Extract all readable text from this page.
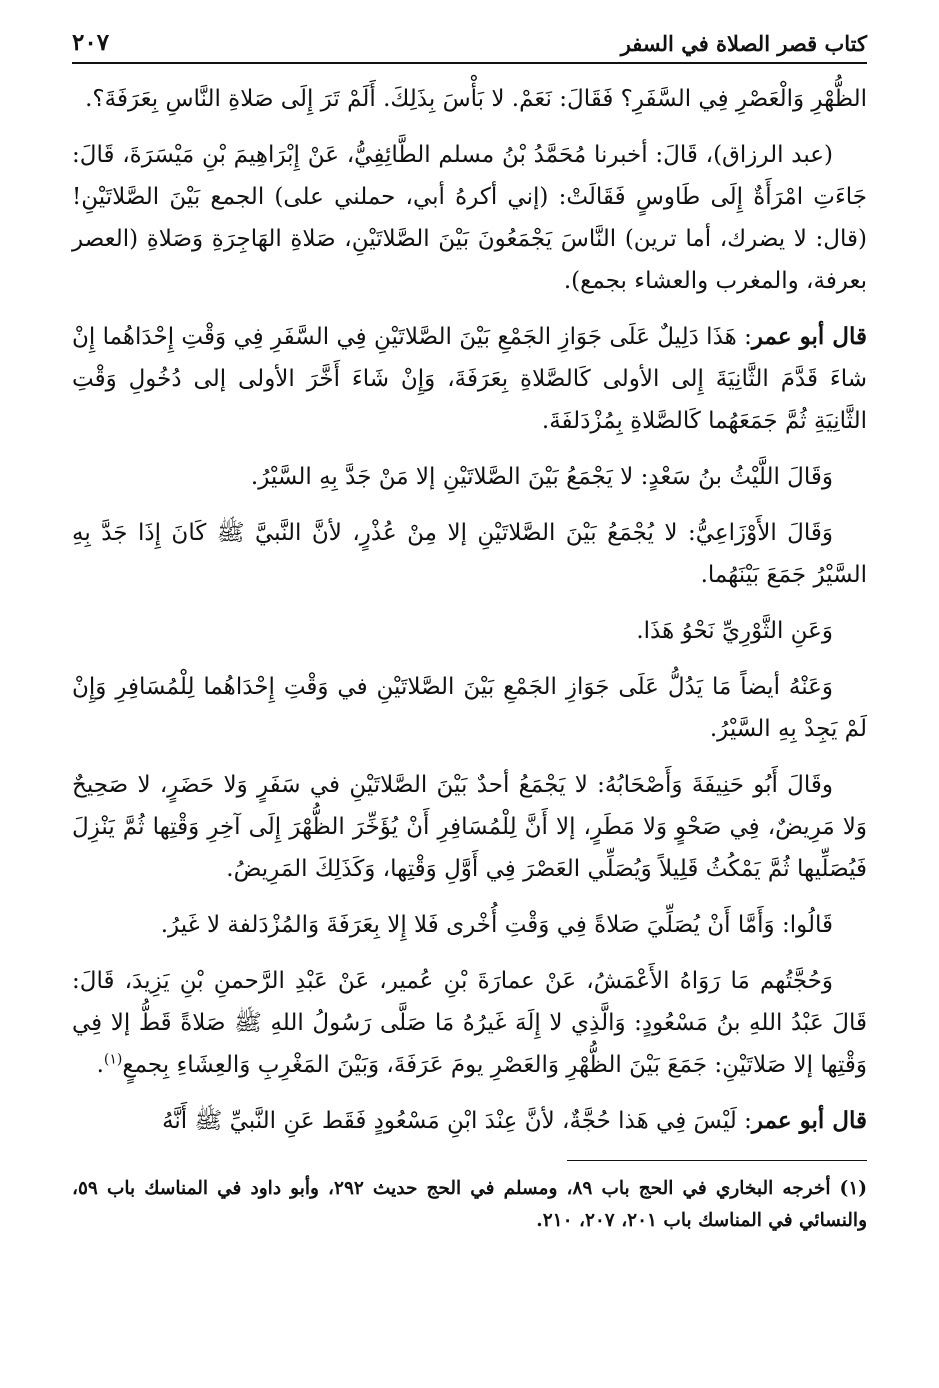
كتاب قصر الصلاة في السفر
٢٠٧

الظُّهْرِ وَالْعَصْرِ فِي السَّفَرِ؟ فَقَالَ: نَعَمْ. لا بَأْسَ بِذَلِكَ. أَلَمْ تَرَ إِلَى صَلاةِ النَّاسِ بِعَرَفَةَ؟.

(عبد الرزاق)، قَالَ: أخبرنا مُحَمَّدُ بْنُ مسلم الطَّائِفِيُّ، عَنْ إِبْرَاهِيمَ بْنِ مَيْسَرَةَ، قَالَ: جَاءَتِ امْرَأَةٌ إِلَى طَاوسٍ فَقَالَتْ: (إني أكرهُ أبي، حملني على) الجمع بَيْنَ الصَّلاتَيْنِ! (قال: لا يضرك، أما ترين) النَّاسَ يَجْمَعُونَ بَيْنَ الصَّلاتَيْنِ، صَلاةِ الهَاجِرَةِ وَصَلاةِ (العصر بعرفة، والمغرب والعشاء بجمع).

قال أبو عمر: هَذَا دَلِيلٌ عَلَى جَوَازِ الجَمْعِ بَيْنَ الصَّلاتَيْنِ فِي السَّفَرِ فِي وَقْتِ إِحْدَاهُما إِنْ شاءَ قَدَّمَ الثَّانِيَةَ إِلى الأولى كَالصَّلاةِ بِعَرَفَةَ، وَإِنْ شَاءَ أَخَّرَ الأولى إلى دُخُولِ وَقْتِ الثَّانِيَةِ ثُمَّ جَمَعَهُما كَالصَّلاةِ بِمُزْدَلفَةَ.

وَقَالَ اللَّيْثُ بنُ سَعْدٍ: لا يَجْمَعُ بَيْنَ الصَّلاتَيْنِ إلا مَنْ جَدَّ بِهِ السَّيْرُ.

وَقَالَ الأَوْزَاعِيُّ: لا يُجْمَعُ بَيْنَ الصَّلاتَيْنِ إلا مِنْ عُذْرٍ، لأنَّ النَّبيَّ ﷺ كَانَ إِذَا جَدَّ بِهِ السَّيْرُ جَمَعَ بَيْنَهُما.

وَعَنِ الثَّوْرِيِّ نَحْوُ هَذَا.

وَعَنْهُ أيضاً مَا يَدُلُّ عَلَى جَوَازِ الجَمْعِ بَيْنَ الصَّلاتَيْنِ في وَقْتِ إِحْدَاهُما لِلْمُسَافِرِ وَإِنْ لَمْ يَجِدْ بِهِ السَّيْرُ.

وقَالَ أَبُو حَنِيفَةَ وَأَصْحَابُهُ: لا يَجْمَعُ أحدٌ بَيْنَ الصَّلاتَيْنِ في سَفَرٍ وَلا حَضَرٍ، لا صَحِيحٌ وَلا مَرِيضٌ، فِي صَحْوٍ وَلا مَطَرٍ، إلا أَنَّ لِلْمُسَافِرِ أَنْ يُؤَخِّرَ الظُّهْرَ إِلَى آخِرِ وَقْتِها ثُمَّ يَنْزِلَ فَيُصَلِّيها ثُمَّ يَمْكُثُ قَلِيلاً وَيُصَلِّي العَصْرَ فِي أَوَّلِ وَقْتِها، وَكَذَلِكَ المَرِيضُ.

قَالُوا: وَأَمَّا أَنْ يُصَلِّيَ صَلاةً فِي وَقْتِ أُخْرى فَلا إِلا بِعَرَفَةَ وَالمُزْدَلفة لا غَيرُ.

وَحُجَّتُهم مَا رَوَاهُ الأَعْمَشُ، عَنْ عمارَةَ بْنِ عُمير، عَنْ عَبْدِ الرَّحمنِ بْنِ يَزِيدَ، قَالَ: قَالَ عَبْدُ اللهِ بنُ مَسْعُودٍ: وَالَّذِي لا إِلَهَ غَيرُهُ مَا صَلَّى رَسُولُ اللهِ ﷺ صَلاةً قَطُّ إلا فِي وَقْتِها إلا صَلاتَيْنِ: جَمَعَ بَيْنَ الظُّهْرِ وَالعَصْرِ يومَ عَرَفَةَ، وَبَيْنَ المَغْرِبِ وَالعِشَاءِ بِجمعٍ$^{(١)}$.

قال أبو عمر: لَيْسَ فِي هَذا حُجَّةٌ، لأنَّ عِنْدَ ابْنِ مَسْعُودٍ فَقَط عَنِ النَّبيِّ ﷺ أَنَّهُ

(١) أخرجه البخاري في الحج باب ٨٩، ومسلم في الحج حديث ٢٩٢، وأبو داود في المناسك باب ٥٩، والنسائي في المناسك باب ٢٠١، ٢٠٧، ٢١٠.
